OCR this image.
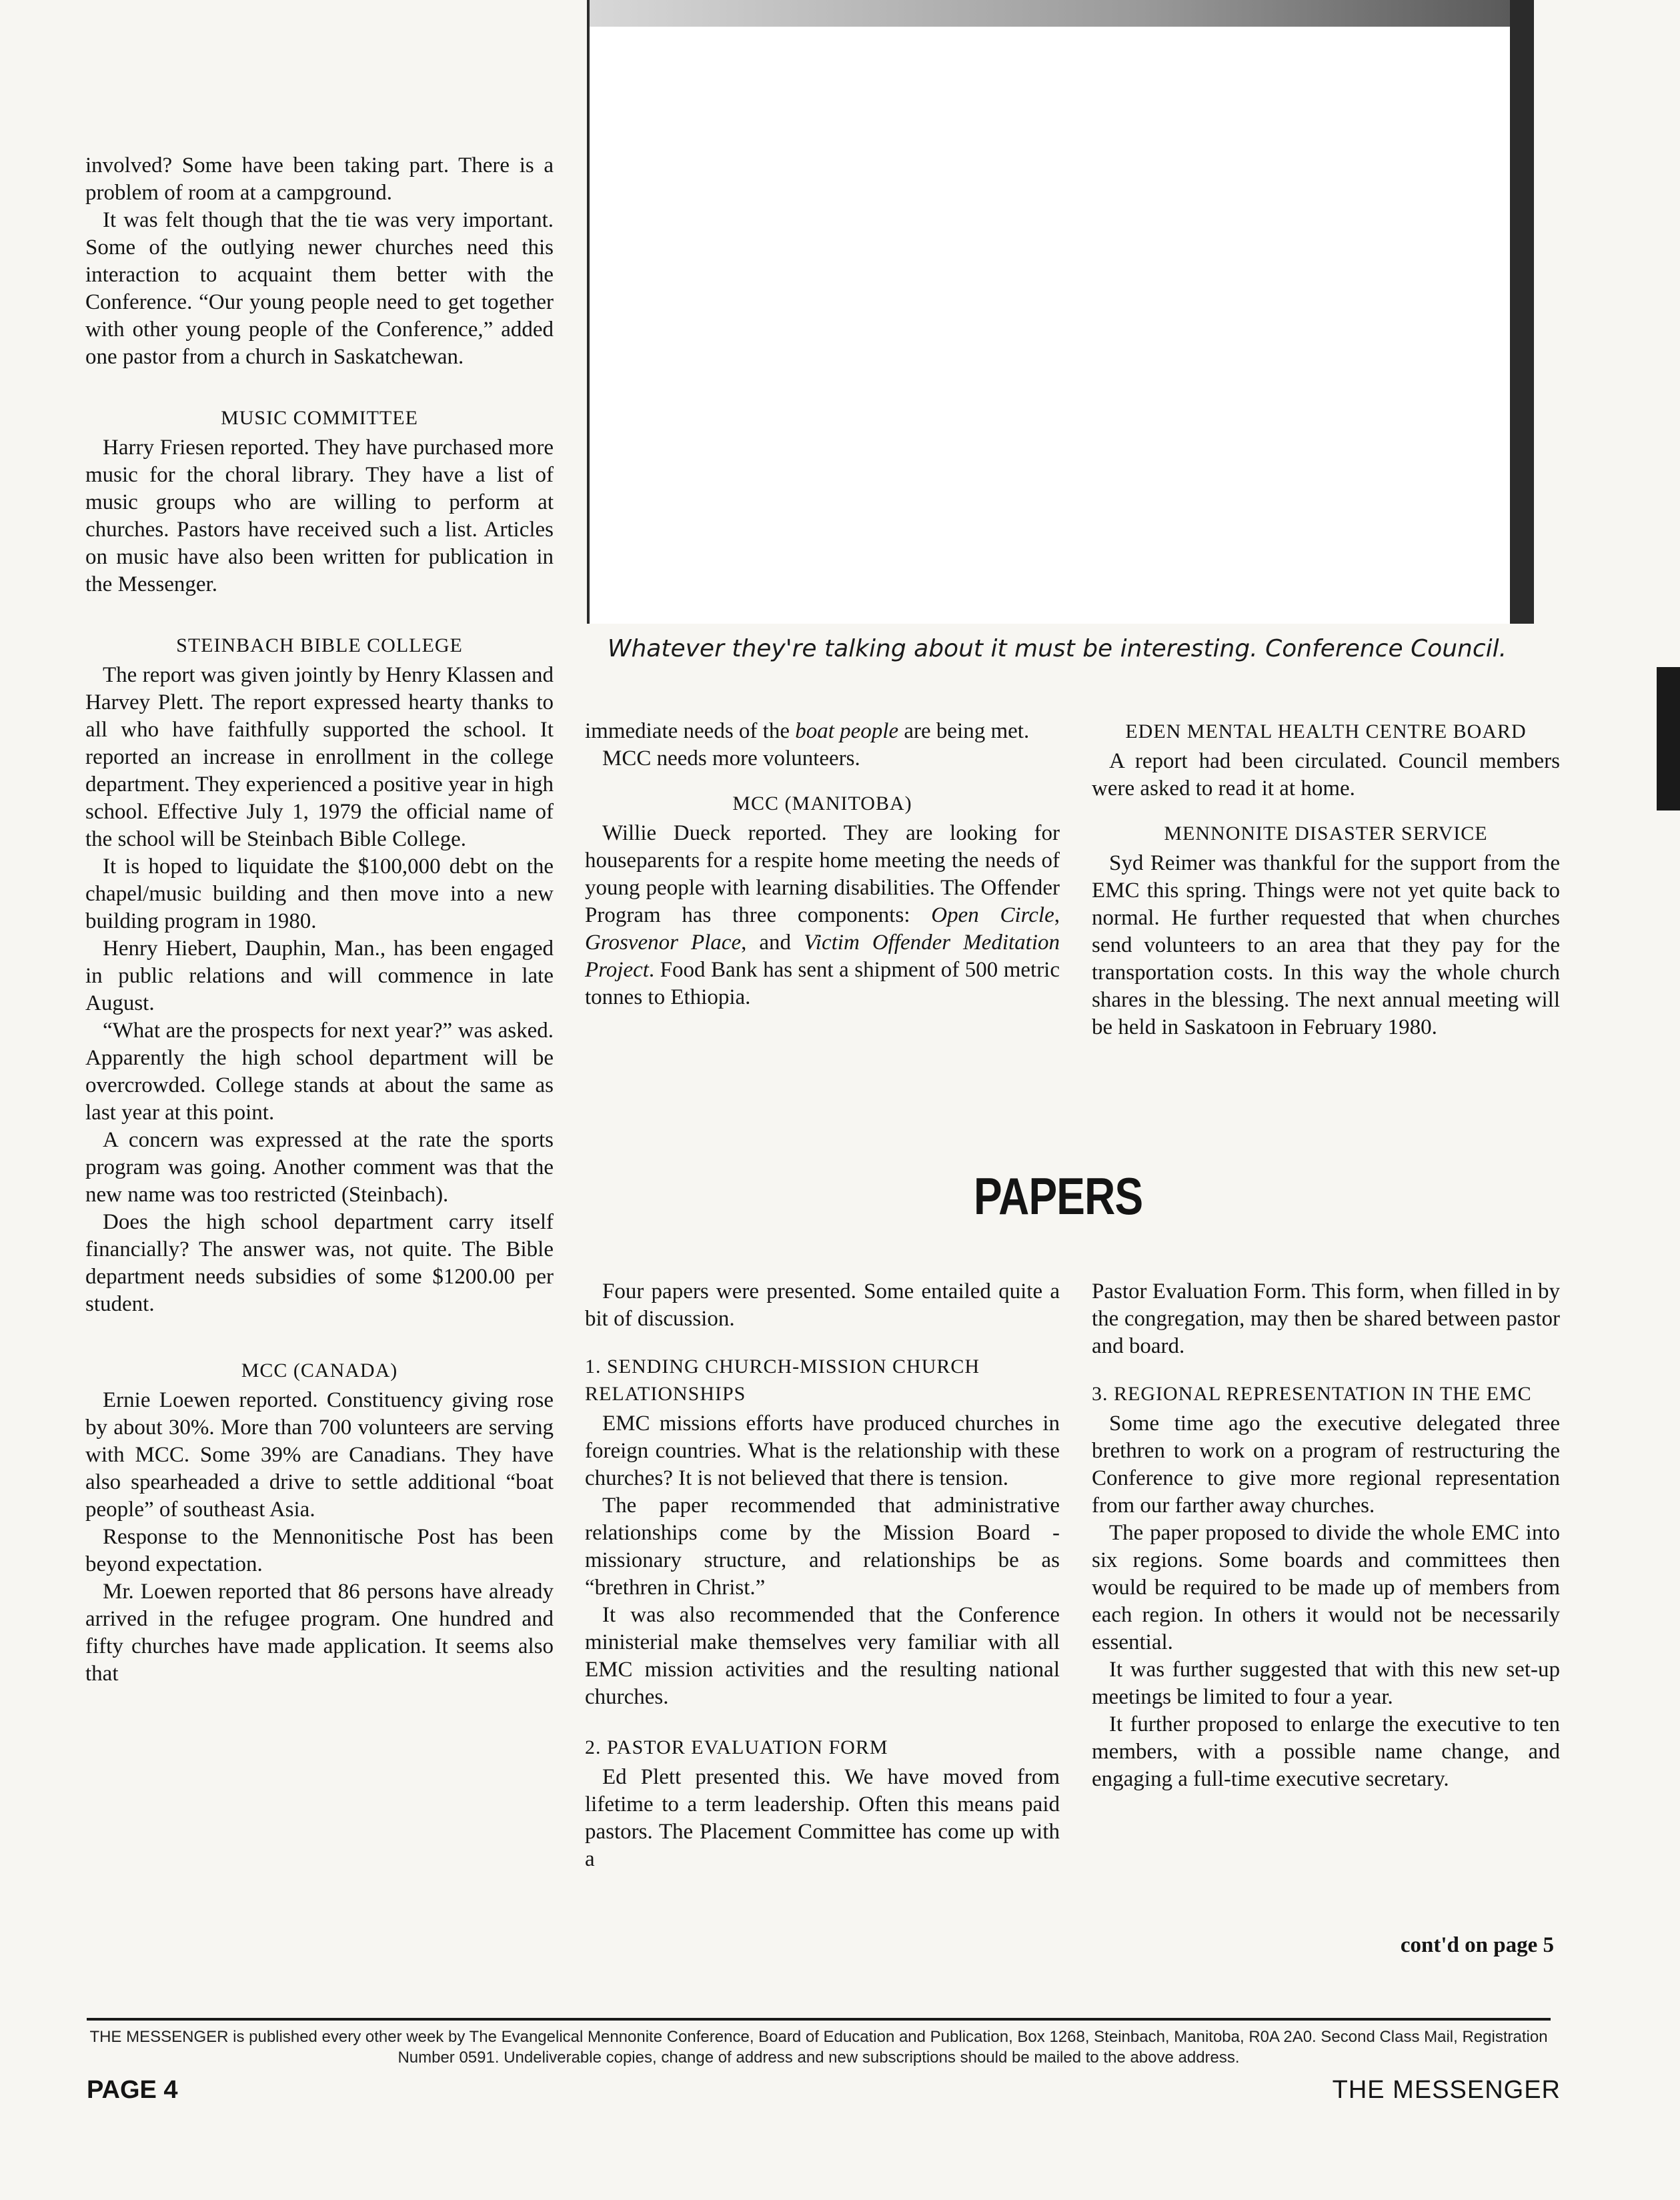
Whatever they're talking about it must be interesting. Conference Council.

involved? Some have been taking part. There is a problem of room at a campground.

It was felt though that the tie was very important. Some of the outlying newer churches need this interaction to acquaint them better with the Conference. “Our young people need to get together with other young people of the Conference,” added one pastor from a church in Saskatchewan.

MUSIC COMMITTEE

Harry Friesen reported. They have purchased more music for the choral library. They have a list of music groups who are willing to perform at churches. Pastors have received such a list. Articles on music have also been written for publication in the Messenger.

STEINBACH BIBLE COLLEGE

The report was given jointly by Henry Klassen and Harvey Plett. The report expressed hearty thanks to all who have faithfully supported the school. It reported an increase in enrollment in the college department. They experienced a positive year in high school. Effective July 1, 1979 the official name of the school will be Steinbach Bible College.

It is hoped to liquidate the $100,000 debt on the chapel/music building and then move into a new building program in 1980.

Henry Hiebert, Dauphin, Man., has been engaged in public relations and will commence in late August.

“What are the prospects for next year?” was asked. Apparently the high school department will be overcrowded. College stands at about the same as last year at this point.

A concern was expressed at the rate the sports program was going. Another comment was that the new name was too restricted (Steinbach).

Does the high school department carry itself financially? The answer was, not quite. The Bible department needs subsidies of some $1200.00 per student.

MCC (CANADA)

Ernie Loewen reported. Constituency giving rose by about 30%. More than 700 volunteers are serving with MCC. Some 39% are Canadians. They have also spearheaded a drive to settle additional “boat people” of southeast Asia.

Response to the Mennonitische Post has been beyond expectation.

Mr. Loewen reported that 86 persons have already arrived in the refugee program. One hundred and fifty churches have made application. It seems also that

immediate needs of the boat people are being met.

MCC needs more volunteers.

MCC (MANITOBA)

Willie Dueck reported. They are looking for houseparents for a respite home meeting the needs of young people with learning disabilities. The Offender Program has three components: Open Circle, Grosvenor Place, and Victim Offender Meditation Project. Food Bank has sent a shipment of 500 metric tonnes to Ethiopia.

EDEN MENTAL HEALTH CENTRE BOARD

A report had been circulated. Council members were asked to read it at home.

MENNONITE DISASTER SERVICE

Syd Reimer was thankful for the support from the EMC this spring. Things were not yet quite back to normal. He further requested that when churches send volunteers to an area that they pay for the transportation costs. In this way the whole church shares in the blessing. The next annual meeting will be held in Saskatoon in February 1980.

PAPERS

Four papers were presented. Some entailed quite a bit of discussion.

1. SENDING CHURCH-MISSION CHURCH RELATIONSHIPS

EMC missions efforts have produced churches in foreign countries. What is the relationship with these churches? It is not believed that there is tension.

The paper recommended that administrative relationships come by the Mission Board - missionary structure, and relationships be as “brethren in Christ.”

It was also recommended that the Conference ministerial make themselves very familiar with all EMC mission activities and the resulting national churches.

2. PASTOR EVALUATION FORM

Ed Plett presented this. We have moved from lifetime to a term leadership. Often this means paid pastors. The Placement Committee has come up with a

Pastor Evaluation Form. This form, when filled in by the congregation, may then be shared between pastor and board.

3. REGIONAL REPRESENTATION IN THE EMC

Some time ago the executive delegated three brethren to work on a program of restructuring the Conference to give more regional representation from our farther away churches.

The paper proposed to divide the whole EMC into six regions. Some boards and committees then would be required to be made up of members from each region. In others it would not be necessarily essential.

It was further suggested that with this new set-up meetings be limited to four a year.

It further proposed to enlarge the executive to ten members, with a possible name change, and engaging a full-time executive secretary.

cont'd on page 5
THE MESSENGER is published every other week by The Evangelical Mennonite Conference, Board of Education and Publication, Box 1268, Steinbach, Manitoba, R0A 2A0. Second Class Mail, Registration Number 0591. Undeliverable copies, change of address and new subscriptions should be mailed to the above address.
PAGE 4	THE MESSENGER
